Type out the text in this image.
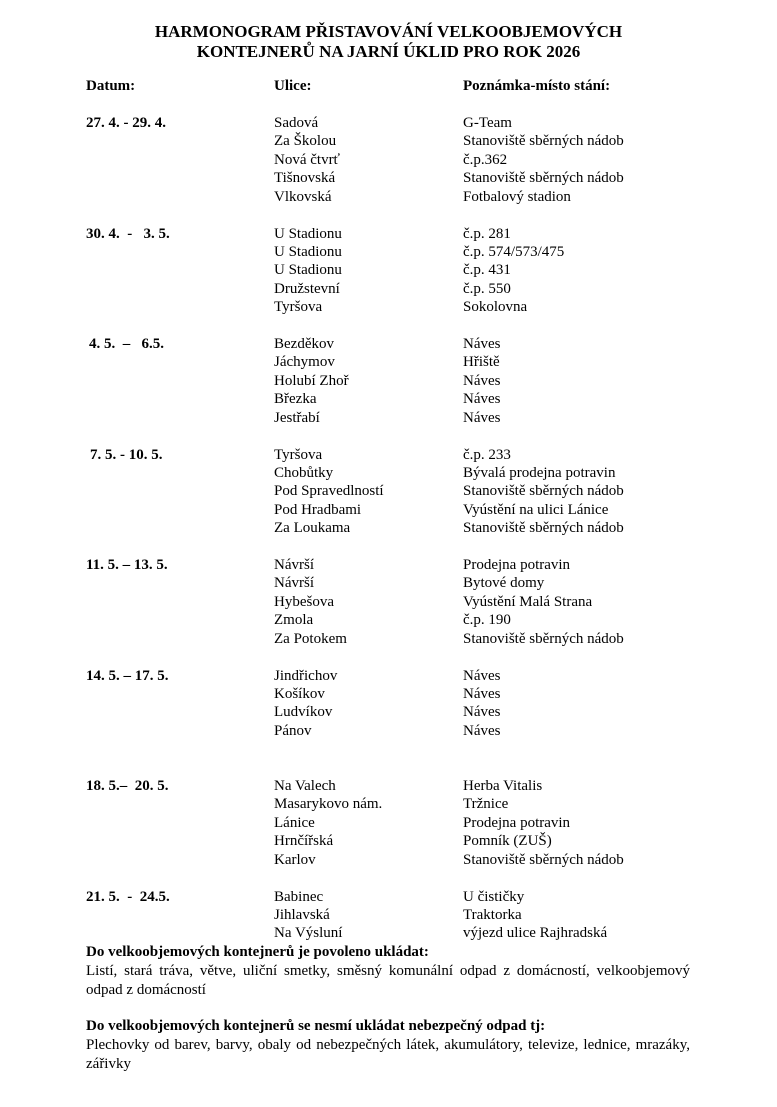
HARMONOGRAM PŘISTAVOVÁNÍ VELKOOBJEMOVÝCH
KONTEJNERŮ NA JARNÍ ÚKLID PRO ROK 2026
Datum:	Ulice:	Poznámka-místo stání:
27. 4. - 29. 4.	Sadová	G-Team
Za Školou	Stanoviště sběrných nádob
Nová čtvrť	č.p.362
Tišnovská	Stanoviště sběrných nádob
Vlkovská	Fotbalový stadion
30. 4.  -   3. 5.	U Stadionu	č.p. 281
U Stadionu	č.p. 574/573/475
U Stadionu	č.p. 431
Družstevní	č.p. 550
Tyršova	Sokolovna
4. 5.  –   6.5.	Bezděkov	Náves
Jáchymov	Hřiště
Holubí Zhoř	Náves
Březka	Náves
Jestřabí	Náves
7. 5. - 10. 5.	Tyršova	č.p. 233
Chobůtky	Bývalá prodejna potravin
Pod Spravedlností	Stanoviště sběrných nádob
Pod Hradbami	Vyústění na ulici Lánice
Za Loukama	Stanoviště sběrných nádob
11. 5. – 13. 5.	Návrší	Prodejna potravin
Návrší	Bytové domy
Hybešova	Vyústění Malá Strana
Zmola	č.p. 190
Za Potokem	Stanoviště sběrných nádob
14. 5. – 17. 5.	Jindřichov	Náves
Košíkov	Náves
Ludvíkov	Náves
Pánov	Náves
18. 5.–  20. 5.	Na Valech	Herba Vitalis
Masarykovo nám.	Tržnice
Lánice	Prodejna potravin
Hrnčířská	Pomník (ZUŠ)
Karlov	Stanoviště sběrných nádob
21. 5.  -  24.5.	Babinec	U čističky
Jihlavská	Traktorka
Na Výsluní	výjezd ulice Rajhradská
Do velkoobjemových kontejnerů je povoleno ukládat:
Listí, stará tráva, větve, uliční smetky, směsný komunální odpad z domácností, velkoobjemový odpad z domácností
Do velkoobjemových kontejnerů se nesmí ukládat nebezpečný odpad tj:
Plechovky od barev, barvy, obaly od nebezpečných látek, akumulátory, televize, lednice, mrazáky, zářivky
